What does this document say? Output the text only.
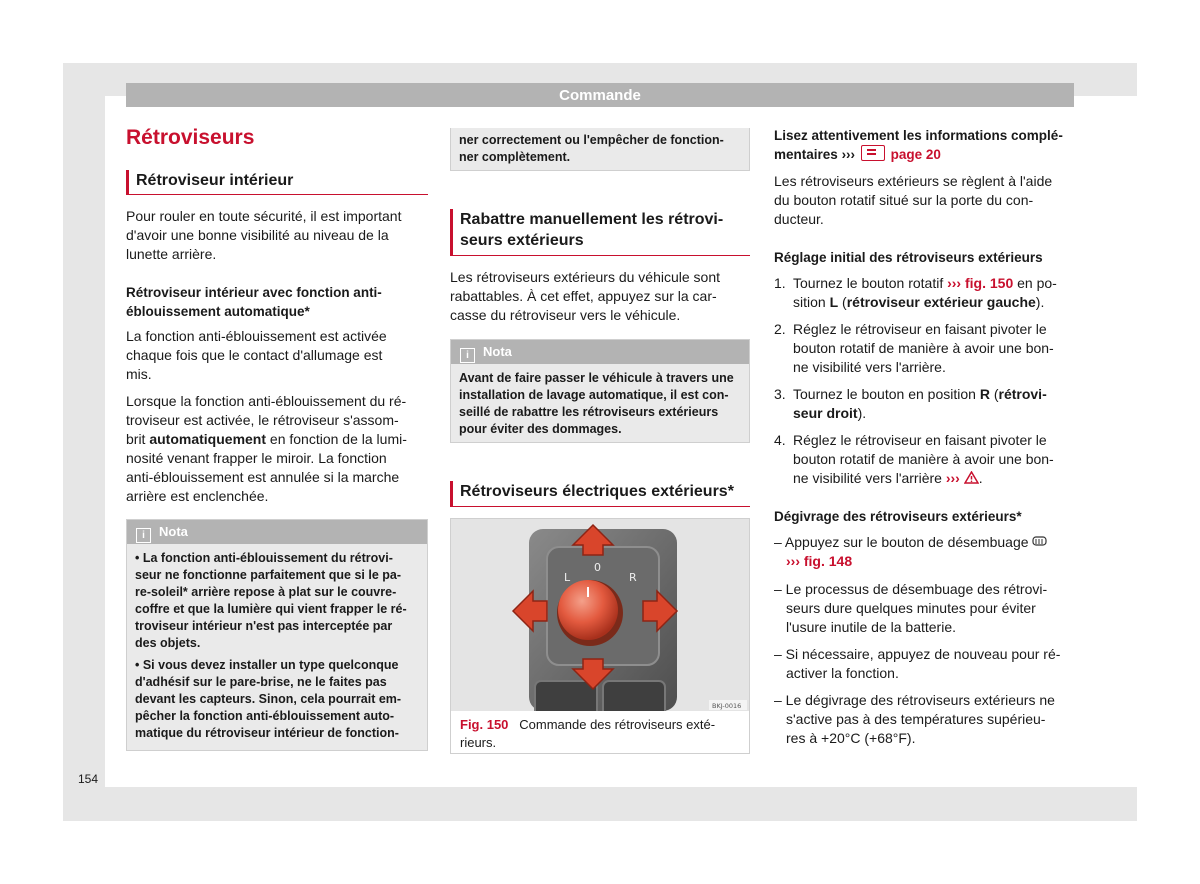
Commande
Rétroviseurs
Rétroviseur intérieur

Pour rouler en toute sécurité, il est important

d'avoir une bonne visibilité au niveau de la

lunette arrière.

Rétroviseur intérieur avec fonction anti-
éblouissement automatique*

La fonction anti-éblouissement est activée

chaque fois que le contact d'allumage est

mis.

Lorsque la fonction anti-éblouissement du ré-

troviseur est activée, le rétroviseur s'assom-

brit automatiquement en fonction de la lumi-

nosité venant frapper le miroir. La fonction

anti-éblouissement est annulée si la marche

arrière est enclenchée.

i Nota

• La fonction anti-éblouissement du rétrovi-
seur ne fonctionne parfaitement que si le pa-
re-soleil* arrière repose à plat sur le couvre-
coffre et que la lumière qui vient frapper le ré-
troviseur intérieur n'est pas interceptée par
des objets.

• Si vous devez installer un type quelconque
d'adhésif sur le pare-brise, ne le faites pas
devant les capteurs. Sinon, cela pourrait em-
pêcher la fonction anti-éblouissement auto-
matique du rétroviseur intérieur de fonction-

ner correctement ou l'empêcher de fonction-
ner complètement.

Rabattre manuellement les rétrovi-
seurs extérieurs

Les rétroviseurs extérieurs du véhicule sont

rabattables. À cet effet, appuyez sur la car-

casse du rétroviseur vers le véhicule.

i Nota

Avant de faire passer le véhicule à travers une
installation de lavage automatique, il est con-
seillé de rabattre les rétroviseurs extérieurs
pour éviter des dommages.

Rétroviseurs électriques extérieurs*
L
0
R
BKJ-0016
Fig. 150 Commande des rétroviseurs exté-
rieurs.
Lisez attentivement les informations complé-
mentaires ›››	page 20

Les rétroviseurs extérieurs se règlent à l'aide

du bouton rotatif situé sur la porte du con-

ducteur.

Réglage initial des rétroviseurs extérieurs
1. Tournez le bouton rotatif ››› fig. 150 en po-

sition L (rétroviseur extérieur gauche).

2. Réglez le rétroviseur en faisant pivoter le

bouton rotatif de manière à avoir une bon-

ne visibilité vers l'arrière.

3. Tournez le bouton en position R (rétrovi-

seur droit).

4. Réglez le rétroviseur en faisant pivoter le

bouton rotatif de manière à avoir une bon-

ne visibilité vers l'arrière ››› .

Dégivrage des rétroviseurs extérieurs*

– Appuyez sur le bouton de désembuage

››› fig. 148

– Le processus de désembuage des rétrovi-

seurs dure quelques minutes pour éviter

l'usure inutile de la batterie.

– Si nécessaire, appuyez de nouveau pour ré-

activer la fonction.

– Le dégivrage des rétroviseurs extérieurs ne

s'active pas à des températures supérieu-

res à +20°C (+68°F).

154
